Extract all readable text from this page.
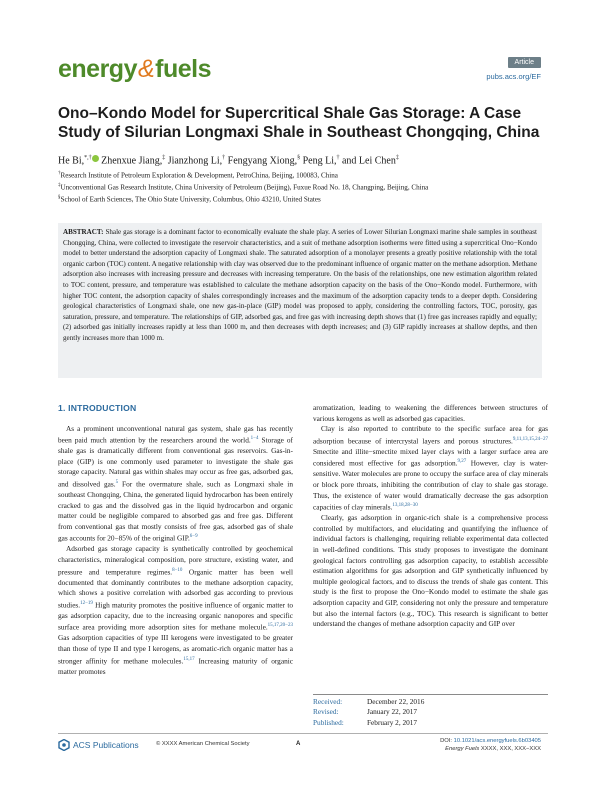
energy&fuels	Article
pubs.acs.org/EF
Ono–Kondo Model for Supercritical Shale Gas Storage: A Case Study of Silurian Longmaxi Shale in Southeast Chongqing, China
He Bi,*,† Zhenxue Jiang,‡ Jianzhong Li,† Fengyang Xiong,§ Peng Li,† and Lei Chen‡
†Research Institute of Petroleum Exploration & Development, PetroChina, Beijing, 100083, China
‡Unconventional Gas Research Institute, China University of Petroleum (Beijing), Fuxue Road No. 18, Changping, Beijing, China
§School of Earth Sciences, The Ohio State University, Columbus, Ohio 43210, United States
ABSTRACT: Shale gas storage is a dominant factor to economically evaluate the shale play. A series of Lower Silurian Longmaxi marine shale samples in southeast Chongqing, China, were collected to investigate the reservoir characteristics, and a suit of methane adsorption isotherms were fitted using a supercritical Ono−Kondo model to better understand the adsorption capacity of Longmaxi shale. The saturated adsorption of a monolayer presents a greatly positive relationship with the total organic carbon (TOC) content. A negative relationship with clay was observed due to the predominant influence of organic matter on the methane adsorption. Methane adsorption also increases with increasing pressure and decreases with increasing temperature. On the basis of the relationships, one new estimation algorithm related to TOC content, pressure, and temperature was established to calculate the methane adsorption capacity on the basis of the Ono−Kondo model. Furthermore, with higher TOC content, the adsorption capacity of shales correspondingly increases and the maximum of the adsorption capacity tends to a deeper depth. Considering geological characteristics of Longmaxi shale, one new gas-in-place (GIP) model was proposed to apply, considering the controlling factors, TOC, porosity, gas saturation, pressure, and temperature. The relationships of GIP, adsorbed gas, and free gas with increasing depth shows that (1) free gas increases rapidly and equally; (2) adsorbed gas initially increases rapidly at less than 1000 m, and then decreases with depth increases; and (3) GIP rapidly increases at shallow depths, and then gently increases more than 1000 m.
1. INTRODUCTION

As a prominent unconventional natural gas system, shale gas has recently been paid much attention by the researchers around the world.$^{1-4}$ Storage of shale gas is dramatically different from conventional gas reservoirs. Gas-in-place (GIP) is one commonly used parameter to investigate the shale gas storage capacity. Natural gas within shales may occur as free gas, adsorbed gas, and dissolved gas.$^5$ For the overmature shale, such as Longmaxi shale in southeast Chongqing, China, the generated liquid hydrocarbon has been entirely cracked to gas and the dissolved gas in the liquid hydrocarbon and organic matter could be negligible compared to absorbed gas and free gas. Different from conventional gas that mostly consists of free gas, adsorbed gas of shale gas accounts for 20−85% of the original GIP.$^{6-9}$

Adsorbed gas storage capacity is synthetically controlled by geochemical characteristics, mineralogical composition, pore structure, existing water, and pressure and temperature regimes.$^{8-10}$ Organic matter has been well documented that dominantly contributes to the methane adsorption capacity, which shows a positive correlation with adsorbed gas according to previous studies.$^{12-19}$ High maturity promotes the positive influence of organic matter to gas adsorption capacity, due to the increasing organic nanopores and specific surface area providing more adsorption sites for methane molecule.$^{15,17,20-23}$ Gas adsorption capacities of type III kerogens were investigated to be greater than those of type II and type I kerogens, as aromatic-rich organic matter has a stronger affinity for methane molecules.$^{15,17}$ Increasing maturity of organic matter promotes

aromatization, leading to weakening the differences between structures of various kerogens as well as adsorbed gas capacities.

Clay is also reported to contribute to the specific surface area for gas adsorption because of intercrystal layers and porous structures.$^{9,11,13,15,24-27}$ Smectite and illite−smectite mixed layer clays with a larger surface area are considered most effective for gas adsorption.$^{9,27}$ However, clay is water-sensitive. Water molecules are prone to occupy the surface area of clay minerals or block pore throats, inhibiting the contribution of clay to shale gas storage. Thus, the existence of water would dramatically decrease the gas adsorption capacities of clay minerals.$^{13,18,28-30}$

Clearly, gas adsorption in organic-rich shale is a comprehensive process controlled by multifactors, and elucidating and quantifying the influence of individual factors is challenging, requiring reliable experimental data collected in well-defined conditions. This study proposes to investigate the dominant geological factors controlling gas adsorption capacity, to establish accessible estimation algorithms for gas adsorption and GIP synthetically influenced by multiple geological factors, and to discuss the trends of shale gas content. This study is the first to propose the Ono−Kondo model to estimate the shale gas adsorption capacity and GIP, considering not only the pressure and temperature but also the internal factors (e.g., TOC). This research is significant to better understand the changes of methane adsorption capacity and GIP over

Received:	December 22, 2016
Revised:	January 22, 2017
Published:	February 2, 2017
ACS Publications	© XXXX American Chemical Society	A	DOI: 10.1021/acs.energyfuels.6b03405
Energy Fuels XXXX, XXX, XXX−XXX
